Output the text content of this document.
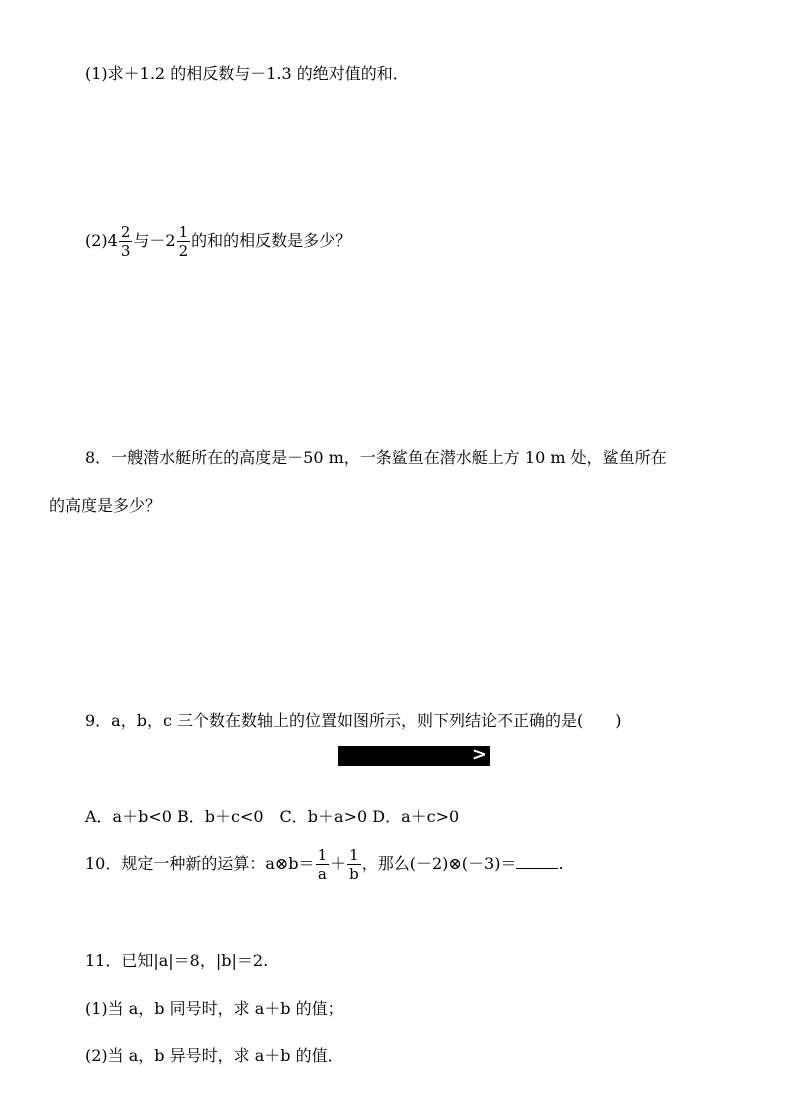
(1)求＋1.2 的相反数与－1.3 的绝对值的和．
$(2)4 \frac{2}{3}$ 与$-2 \frac{1}{2}$ 的和的相反数是多少？
8．一艘潜水艇所在的高度是－50 m，一条鲨鱼在潜水艇上方 10 m 处，鲨鱼所在
的高度是多少？
9．a，b，c 三个数在数轴上的位置如图所示，则下列结论不正确的是(　　)
>
A．a＋b<0 B．b＋c<0　C．b＋a>0 D．a＋c>0
10．规定一种新的运算：a⊗b＝ $\frac{1}{a} + \frac{1}{b}$ ，那么(－2)⊗(－3)＝	.
11．已知|a|＝8，|b|＝2.
(1)当 a，b 同号时，求 a＋b 的值；
(2)当 a，b 异号时，求 a＋b 的值．
